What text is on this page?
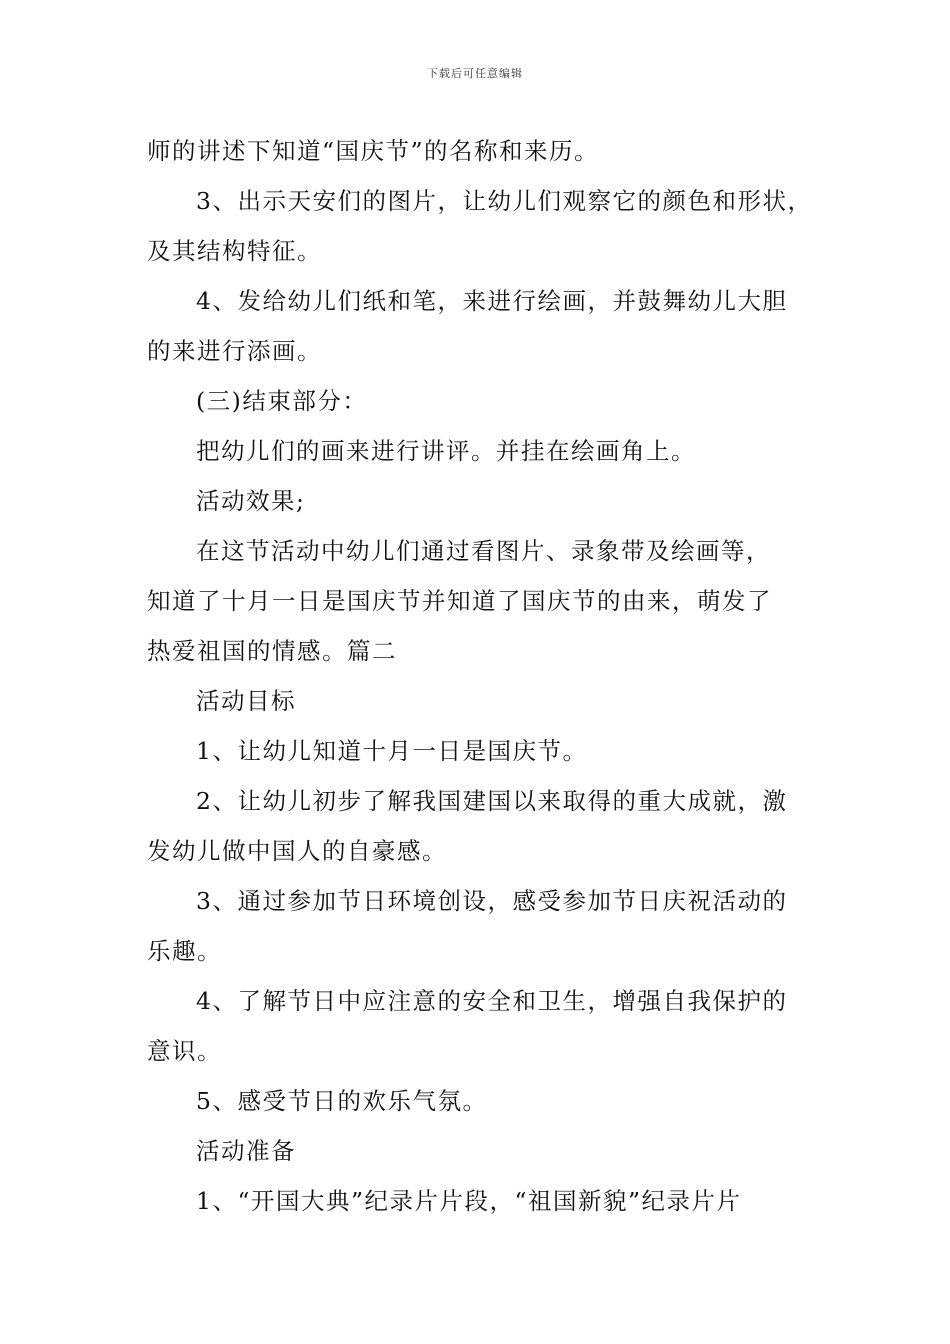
下载后可任意编辑
师的讲述下知道“国庆节”的名称和来历。
3、出示天安们的图片，让幼儿们观察它的颜色和形状，
及其结构特征。
4、发给幼儿们纸和笔，来进行绘画，并鼓舞幼儿大胆
的来进行添画。
(三)结束部分：
把幼儿们的画来进行讲评。并挂在绘画角上。
活动效果;
在这节活动中幼儿们通过看图片、录象带及绘画等，
知道了十月一日是国庆节并知道了国庆节的由来，萌发了
热爱祖国的情感。篇二
活动目标
1、让幼儿知道十月一日是国庆节。
2、让幼儿初步了解我国建国以来取得的重大成就，激
发幼儿做中国人的自豪感。
3、通过参加节日环境创设，感受参加节日庆祝活动的
乐趣。
4、了解节日中应注意的安全和卫生，增强自我保护的
意识。
5、感受节日的欢乐气氛。
活动准备
1、“开国大典”纪录片片段，“祖国新貌”纪录片片
